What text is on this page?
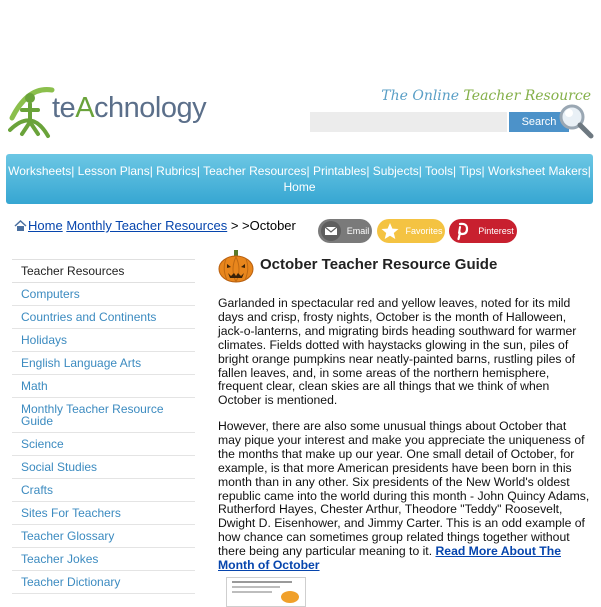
teAchnology	The Online Teacher Resource
Search
Worksheets| Lesson Plans| Rubrics| Teacher Resources| Printables| Subjects| Tools| Tips| Worksheet Makers|
Home
Home Monthly Teacher Resources > >October	Email	Favorites	Pinterest
Teacher Resources
Computers
Countries and Continents
Holidays
English Language Arts
Math
Monthly Teacher Resource Guide
Science
Social Studies
Crafts
Sites For Teachers
Teacher Glossary
Teacher Jokes
Teacher Dictionary
October Teacher Resource Guide

Garlanded in spectacular red and yellow leaves, noted for its mild days and crisp, frosty nights, October is the month of Halloween, jack-o-lanterns, and migrating birds heading southward for warmer climates. Fields dotted with haystacks glowing in the sun, piles of bright orange pumpkins near neatly-painted barns, rustling piles of fallen leaves, and, in some areas of the northern hemisphere, frequent clear, clean skies are all things that we think of when October is mentioned.

However, there are also some unusual things about October that may pique your interest and make you appreciate the uniqueness of the months that make up our year. One small detail of October, for example, is that more American presidents have been born in this month than in any other. Six presidents of the New World's oldest republic came into the world during this month - John Quincy Adams, Rutherford Hayes, Chester Arthur, Theodore "Teddy" Roosevelt, Dwight D. Eisenhower, and Jimmy Carter. This is an odd example of how chance can sometimes group related things together without there being any particular meaning to it. Read More About The Month of October
